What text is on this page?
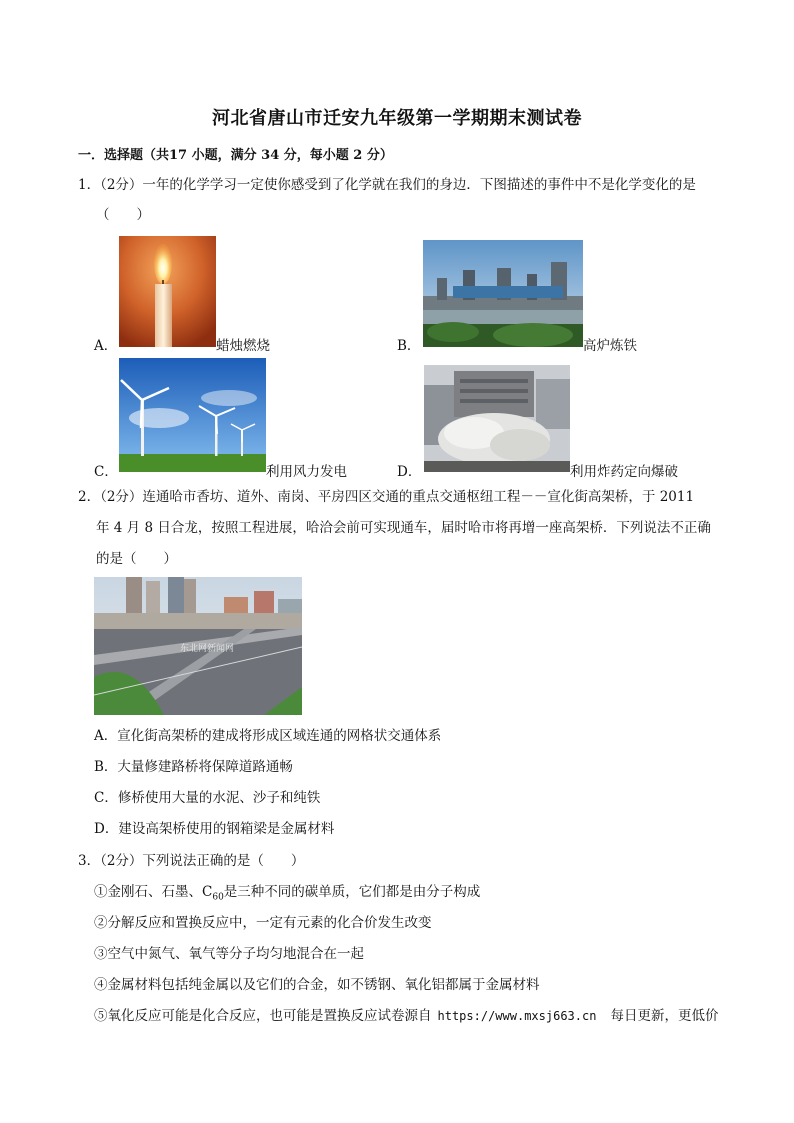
河北省唐山市迁安九年级第一学期期末测试卷
一．选择题（共17 小题，满分 34 分，每小题 2 分）
1．（2分）一年的化学学习一定使你感受到了化学就在我们的身边．下图描述的事件中不是化学变化的是
（　　）
A．	蜡烛燃烧	B．	高炉炼铁
C．	利用风力发电	D．	利用炸药定向爆破
2．（2分）连通哈市香坊、道外、南岗、平房四区交通的重点交通枢纽工程－－宣化街高架桥，于 2011
年 4 月 8 日合龙，按照工程进展，哈洽会前可实现通车，届时哈市将再增一座高架桥．下列说法不正确
的是（　　）
东北网新闻网
A．宣化街高架桥的建成将形成区域连通的网格状交通体系
B．大量修建路桥将保障道路通畅
C．修桥使用大量的水泥、沙子和纯铁
D．建设高架桥使用的钢箱梁是金属材料
3．（2分）下列说法正确的是（　　）
①金刚石、石墨、$C_{60}$是三种不同的碳单质，它们都是由分子构成
②分解反应和置换反应中，一定有元素的化合价发生改变
③空气中氮气、氧气等分子均匀地混合在一起
④金属材料包括纯金属以及它们的合金，如不锈钢、氧化铝都属于金属材料
⑤氧化反应可能是化合反应，也可能是置换反应试卷源自 https://www.mxsj663.cn 每日更新，更低价
